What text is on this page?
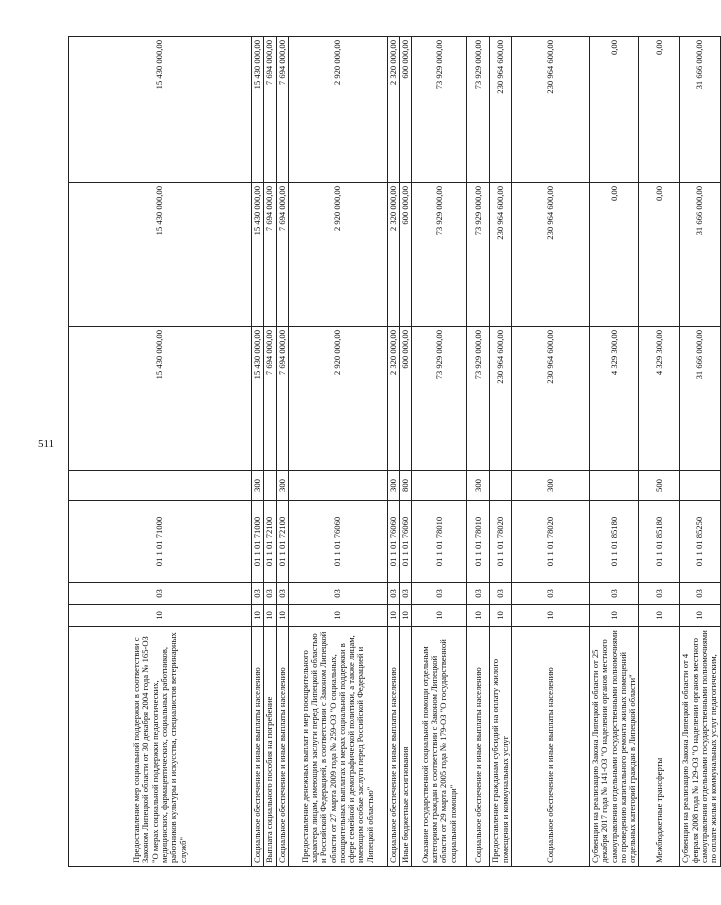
511
Предоставление мер социальной поддержки в соответствии с Законом Липецкой области от 30 декабря 2004 года № 165-ОЗ "О мерах социальной поддержки педагогических, медицинских, фармацевтических, социальных работников, работников культуры и искусства, специалистов ветеринарных служб"	10	03	01 1 01 71000		15 430 000,00	15 430 000,00	15 430 000,00
Социальное обеспечение и иные выплаты населению	10	03	01 1 01 71000	300	15 430 000,00	15 430 000,00	15 430 000,00
Выплата социального пособия на погребение	10	03	01 1 01 72100		7 694 000,00	7 694 000,00	7 694 000,00
Социальное обеспечение и иные выплаты населению	10	03	01 1 01 72100	300	7 694 000,00	7 694 000,00	7 694 000,00
Предоставление денежных выплат и мер поощрительного характера лицам, имеющим заслуги перед Липецкой областью и Российской Федерацией, в соответствии с Законом Липецкой области от 27 марта 2009 года № 259-ОЗ "О социальных, поощрительных выплатах и мерах социальной поддержки в сфере семейной и демографической политики, а также лицам, имеющим особые заслуги перед Российской Федерацией и Липецкой областью"	10	03	01 1 01 76060		2 920 000,00	2 920 000,00	2 920 000,00
Социальное обеспечение и иные выплаты населению	10	03	01 1 01 76060	300	2 320 000,00	2 320 000,00	2 320 000,00
Иные бюджетные ассигнования	10	03	01 1 01 76060	800	600 000,00	600 000,00	600 000,00
Оказание государственной социальной помощи отдельным категориям граждан в соответствии с Законом Липецкой области от 29 марта 2005 года № 179-ОЗ "О государственной социальной помощи"	10	03	01 1 01 78010		73 929 000,00	73 929 000,00	73 929 000,00
Социальное обеспечение и иные выплаты населению	10	03	01 1 01 78010	300	73 929 000,00	73 929 000,00	73 929 000,00
Предоставление гражданам субсидий на оплату жилого помещения и коммунальных услуг	10	03	01 1 01 78020		230 964 600,00	230 964 600,00	230 964 600,00
Социальное обеспечение и иные выплаты населению	10	03	01 1 01 78020	300	230 964 600,00	230 964 600,00	230 964 600,00
Субвенции на реализацию Закона Липецкой области от 25 декабря 2017 года № 141-ОЗ "О наделении органов местного самоуправления отдельными государственными полномочиями по проведению капитального ремонта жилых помещений отдельных категорий граждан в Липецкой области"	10	03	01 1 01 85180		4 329 300,00	0,00	0,00
Межбюджетные трансферты	10	03	01 1 01 85180	500	4 329 300,00	0,00	0,00
Субвенции на реализацию Закона Липецкой области от 4 февраля 2008 года № 129-ОЗ "О наделении органов местного самоуправления отдельными государственными полномочиями по оплате жилья и коммунальных услуг педагогическим,	10	03	01 1 01 85250		31 666 000,00	31 666 000,00	31 666 000,00
